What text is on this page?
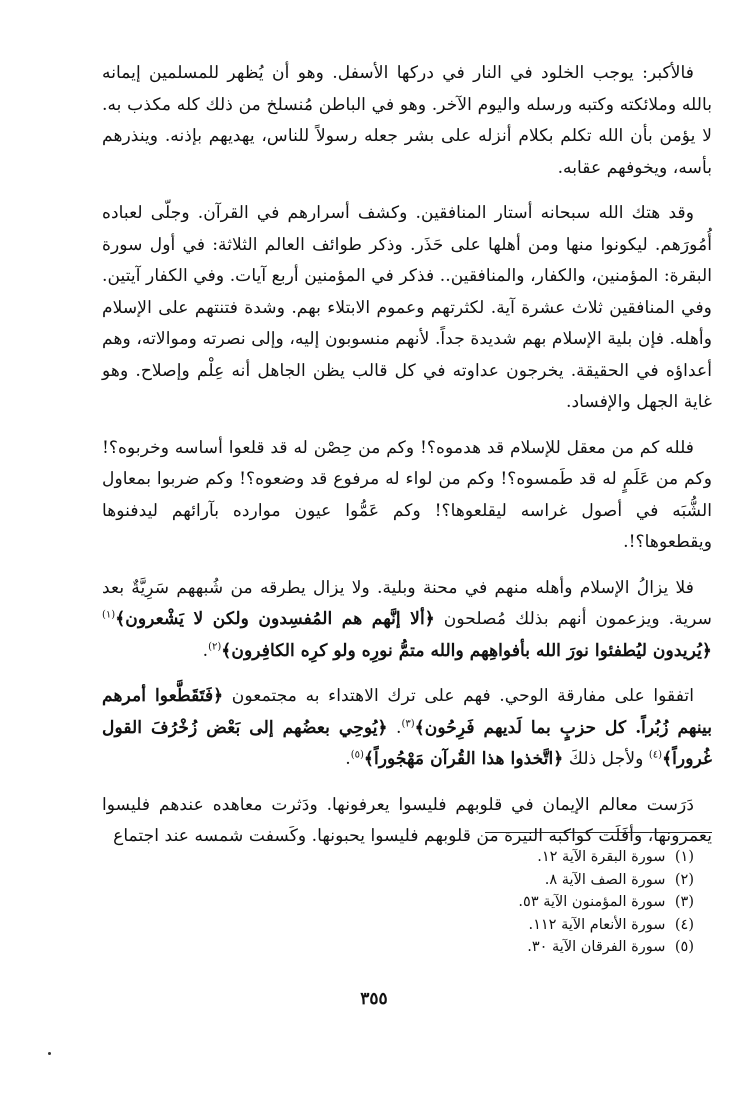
فالأكبر: يوجب الخلود في النار في دركها الأسفل. وهو أن يُظهر للمسلمين إيمانه بالله وملائكته وكتبه ورسله واليوم الآخر. وهو في الباطن مُنسلخ من ذلك كله مكذب به. لا يؤمن بأن الله تكلم بكلام أنزله على بشر جعله رسولاً للناس، يهديهم بإذنه. وينذرهم بأسه، ويخوفهم عقابه.

وقد هتك الله سبحانه أستار المنافقين. وكشف أسرارهم في القرآن. وجلّى لعباده أُمُورَهم. ليكونوا منها ومن أهلها على حَذَر. وذكر طوائف العالم الثلاثة: في أول سورة البقرة: المؤمنين، والكفار، والمنافقين.. فذكر في المؤمنين أربع آيات. وفي الكفار آيتين. وفي المنافقين ثلاث عشرة آية. لكثرتهم وعموم الابتلاء بهم. وشدة فتنتهم على الإسلام وأهله. فإن بلية الإسلام بهم شديدة جداً. لأنهم منسوبون إليه، وإلى نصرته وموالاته، وهم أعداؤه في الحقيقة. يخرجون عداوته في كل قالب يظن الجاهل أنه عِلْم وإصلاح. وهو غاية الجهل والإفساد.

فلله كم من معقل للإسلام قد هدموه؟! وكم من حِصْن له قد قلعوا أساسه وخربوه؟! وكم من عَلَمٍ له قد طَمسوه؟! وكم من لواء له مرفوع قد وضعوه؟! وكم ضربوا بمعاول الشُّبَه في أصول غراسه ليقلعوها؟! وكم عَمُّوا عيون موارده بآرائهم ليدفنوها ويقطعوها؟!.

فلا يزالُ الإسلام وأهله منهم في محنة وبلية. ولا يزال يطرقه من شُبههم سَرِيَّةٌ بعد سرية. ويزعمون أنهم بذلك مُصلحون ﴿ألا إنَّهم هم المُفسِدون ولكن لا يَشْعرون﴾$^{(١)}$ ﴿يُريدون ليُطفئوا نورَ الله بأفواهِهم والله متمُّ نورِه ولو كرِه الكافِرون﴾$^{(٢)}$.

اتفقوا على مفارقة الوحي. فهم على ترك الاهتداء به مجتمعون ﴿فَتَقَطَّعوا أمرهم بينهم زُبُراً. كل حزبٍ بما لَديهم فَرِحُون﴾$^{(٣)}$. ﴿يُوحِي بعضُهم إلى بَعْض زُخْرُفَ القول غُروراً﴾$^{(٤)}$ ولأجل ذلكَ ﴿اتَّخذوا هذا القُرآن مَهْجُوراً﴾$^{(٥)}$.

دَرَست معالم الإيمان في قلوبهم فليسوا يعرفونها. ودَثرت معاهده عندهم فليسوا يعمرونها، وأفَلَت كواكبه النيرة من قلوبهم فليسوا يحبونها. وكَسفت شمسه عند اجتماع

(١) سورة البقرة الآية ١٢.
(٢) سورة الصف الآية ٨.
(٣) سورة المؤمنون الآية ٥٣.
(٤) سورة الأنعام الآية ١١٢.
(٥) سورة الفرقان الآية ٣٠.
٣٥٥
